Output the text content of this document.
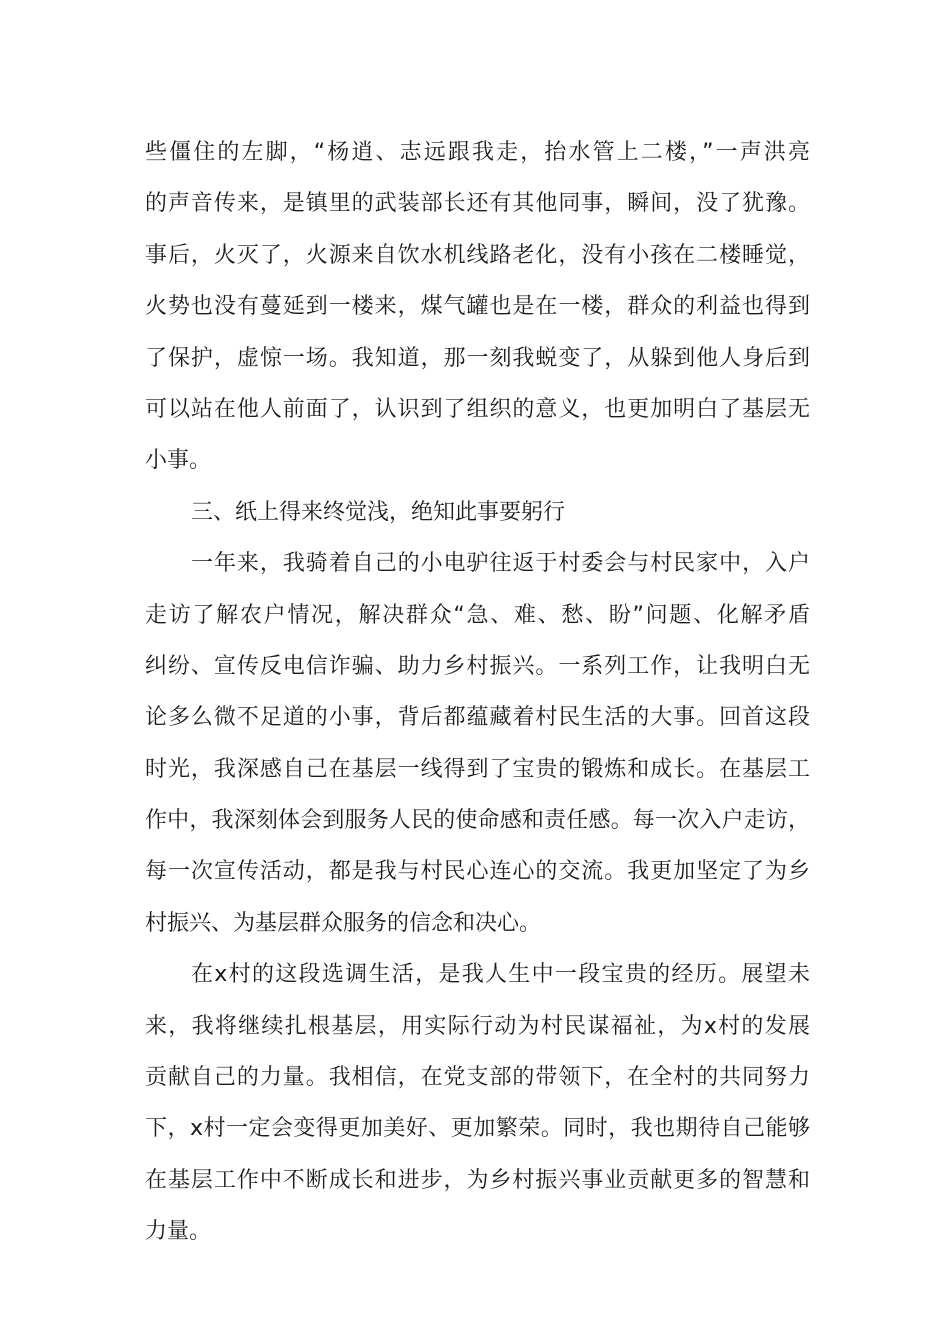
些僵住的左脚，“杨逍、志远跟我走，抬水管上二楼，”一声洪亮
的声音传来，是镇里的武装部长还有其他同事，瞬间，没了犹豫。
事后，火灭了，火源来自饮水机线路老化，没有小孩在二楼睡觉，
火势也没有蔓延到一楼来，煤气罐也是在一楼，群众的利益也得到
了保护，虚惊一场。我知道，那一刻我蜕变了，从躲到他人身后到
可以站在他人前面了，认识到了组织的意义，也更加明白了基层无
小事。
三、纸上得来终觉浅，绝知此事要躬行
一年来，我骑着自己的小电驴往返于村委会与村民家中，入户
走访了解农户情况，解决群众“急、难、愁、盼”问题、化解矛盾
纠纷、宣传反电信诈骗、助力乡村振兴。一系列工作，让我明白无
论多么微不足道的小事，背后都蕴藏着村民生活的大事。回首这段
时光，我深感自己在基层一线得到了宝贵的锻炼和成长。在基层工
作中，我深刻体会到服务人民的使命感和责任感。每一次入户走访，
每一次宣传活动，都是我与村民心连心的交流。我更加坚定了为乡
村振兴、为基层群众服务的信念和决心。
在x村的这段选调生活，是我人生中一段宝贵的经历。展望未
来，我将继续扎根基层，用实际行动为村民谋福祉，为x村的发展
贡献自己的力量。我相信，在党支部的带领下，在全村的共同努力
下，x村一定会变得更加美好、更加繁荣。同时，我也期待自己能够
在基层工作中不断成长和进步，为乡村振兴事业贡献更多的智慧和
力量。
